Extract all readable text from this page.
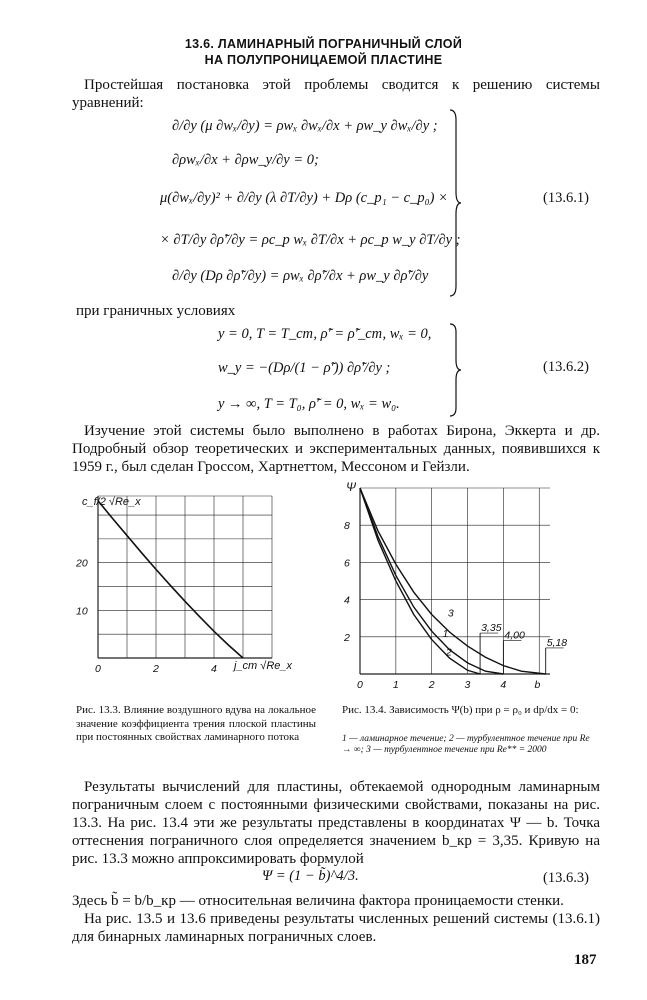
13.6. ЛАМИНАРНЫЙ ПОГРАНИЧНЫЙ СЛОЙ
НА ПОЛУПРОНИЦАЕМОЙ ПЛАСТИНЕ
Простейшая постановка этой проблемы сводится к решению системы уравнений:
∂/∂y (μ ∂wₓ/∂y) = ρwₓ ∂wₓ/∂x + ρw_y ∂wₓ/∂y ;
∂ρwₓ/∂x + ∂ρw_y/∂y = 0;
μ(∂wₓ/∂y)² + ∂/∂y (λ ∂T/∂y) + Dρ (c_p₁ − c_p₀) ×
× ∂T/∂y ∂ρ̃′/∂y = ρc_p wₓ ∂T/∂x + ρc_p w_y ∂T/∂y ;
∂/∂y (Dρ ∂ρ̃′/∂y) = ρwₓ ∂ρ̃′/∂x + ρw_y ∂ρ̃′/∂y
(13.6.1)
при граничных условиях
y = 0, T = T_ст, ρ̃′ = ρ̃′_ст, wₓ = 0,
w_y = −(Dρ/(1 − ρ̃′)) ∂ρ̃′/∂y ;
y → ∞, T = T₀, ρ̃′ = 0, wₓ = w₀.
(13.6.2)
Изучение этой системы было выполнено в работах Бирона, Эккерта и др. Подробный обзор теоретических и экспериментальных данных, появившихся к 1959 г., был сделан Гроссом, Хартнеттом, Мессоном и Гейзли.
c_f/2 √Re_x
0	2	4
20
10
j_ст √Re_x
Рис. 13.3. Влияние воздушного вдува на локальное значение коэффициента трения плоской пластины при постоянных свойствах ламинарного потока
0	1	2	3	4	b
8
6
4
2
3,35
4,00
5,18
1
2
3
Ψ
Рис. 13.4. Зависимость Ψ(b) при ρ = ρ₀ и dp/dx = 0:
1 — ламинарное течение; 2 — турбулентное течение при Re → ∞; 3 — турбулентное течение при Re** = 2000
Результаты вычислений для пластины, обтекаемой однородным ламинарным пограничным слоем с постоянными физическими свойствами, показаны на рис. 13.3. На рис. 13.4 эти же результаты представлены в координатах Ψ — b. Точка оттеснения пограничного слоя определяется значением b_кр = 3,35. Кривую на рис. 13.3 можно аппроксимировать формулой
Ψ = (1 − b̃)^4/3.	(13.6.3)
Здесь b̃ = b/b_кр — относительная величина фактора проницаемости стенки.
На рис. 13.5 и 13.6 приведены результаты численных решений системы (13.6.1) для бинарных ламинарных пограничных слоев.
187
